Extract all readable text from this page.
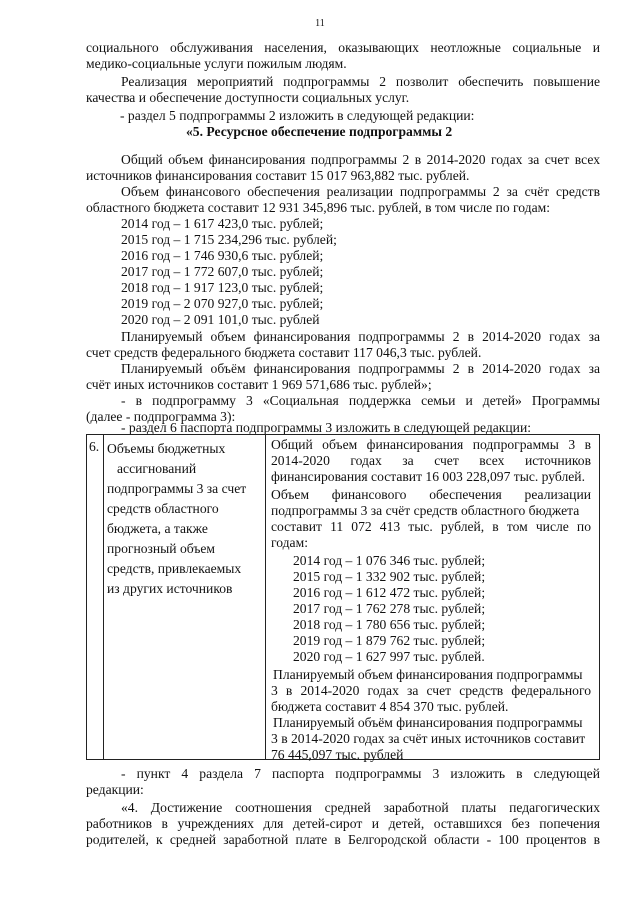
11
социального обслуживания населения, оказывающих неотложные социальные и
медико-социальные услуги пожилым людям.
Реализация мероприятий подпрограммы 2 позволит обеспечить повышение
качества и обеспечение доступности социальных услуг.
- раздел 5 подпрограммы 2 изложить в следующей редакции:
«5. Ресурсное обеспечение подпрограммы 2
Общий объем финансирования подпрограммы 2 в 2014-2020 годах за счет всех
источников финансирования составит 15 017 963,882 тыс. рублей.
Объем финансового обеспечения реализации подпрограммы 2 за счёт средств
областного бюджета составит 12 931 345,896 тыс. рублей, в том числе по годам:
2014 год – 1 617 423,0 тыс. рублей;
2015 год – 1 715 234,296 тыс. рублей;
2016 год – 1 746 930,6 тыс. рублей;
2017 год – 1 772 607,0 тыс. рублей;
2018 год – 1 917 123,0 тыс. рублей;
2019 год – 2 070 927,0 тыс. рублей;
2020 год – 2 091 101,0 тыс. рублей
Планируемый объем финансирования подпрограммы 2 в 2014-2020 годах за
счет средств федерального бюджета составит 117 046,3 тыс. рублей.
Планируемый объём финансирования подпрограммы 2 в 2014-2020 годах за
счёт иных источников составит 1 969 571,686 тыс. рублей»;
- в подпрограмму 3 «Социальная поддержка семьи и детей» Программы
(далее - подпрограмма 3):
- раздел 6 паспорта подпрограммы 3 изложить в следующей редакции:
6. Объемы бюджетных
ассигнований
подпрограммы 3 за счет
средств областного
бюджета, а также
прогнозный объем
средств, привлекаемых
из других источников
Общий объем финансирования подпрограммы 3 в
2014-2020 годах за счет всех источников
финансирования составит 16 003 228,097 тыс. рублей.
Объем финансового обеспечения реализации
подпрограммы 3 за счёт средств областного бюджета
составит 11 072 413 тыс. рублей, в том числе по
годам:
2014 год – 1 076 346 тыс. рублей;
2015 год – 1 332 902 тыс. рублей;
2016 год – 1 612 472 тыс. рублей;
2017 год – 1 762 278 тыс. рублей;
2018 год – 1 780 656 тыс. рублей;
2019 год – 1 879 762 тыс. рублей;
2020 год – 1 627 997 тыс. рублей.
Планируемый объем финансирования подпрограммы
3 в 2014-2020 годах за счет средств федерального
бюджета составит 4 854 370 тыс. рублей.
Планируемый объём финансирования подпрограммы
3 в 2014-2020 годах за счёт иных источников составит
76 445,097 тыс. рублей
- пункт 4 раздела 7 паспорта подпрограммы 3 изложить в следующей
редакции:
«4. Достижение соотношения средней заработной платы педагогических
работников в учреждениях для детей-сирот и детей, оставшихся без попечения
родителей, к средней заработной плате в Белгородской области - 100 процентов в
